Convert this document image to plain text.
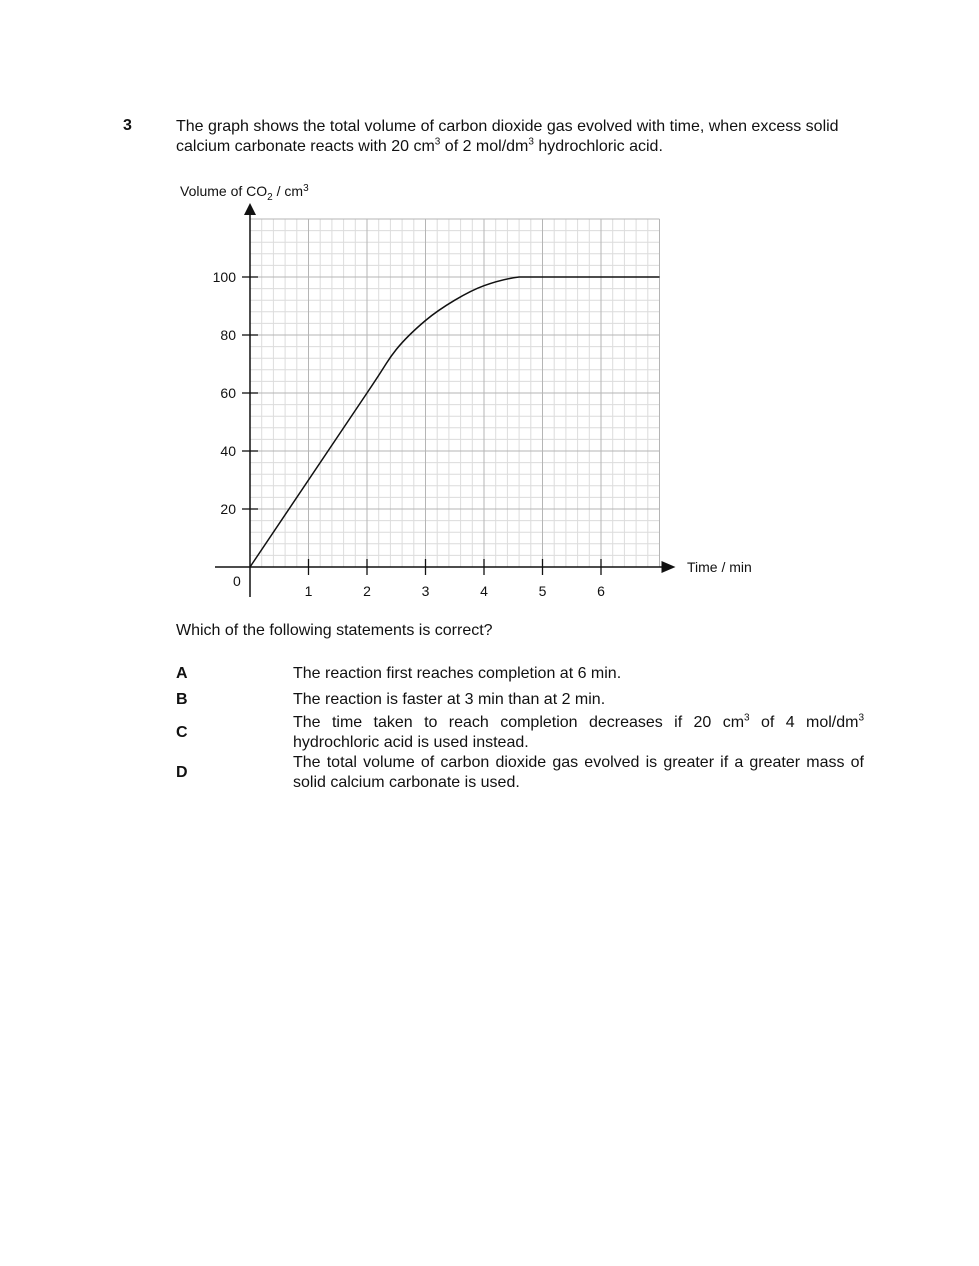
3	The graph shows the total volume of carbon dioxide gas evolved with time, when excess solid calcium carbonate reacts with 20 $cm^3$ of 2 mol/$dm^3$ hydrochloric acid.
1	2	3	4	5	6
20
40
60
80
100
Volume of $CO_2 / cm^3$
Time / min
0
Which of the following statements is correct?
A	The reaction first reaches completion at 6 min.
B	The reaction is faster at 3 min than at 2 min.
C
The time taken to reach completion decreases if 20 $cm^3$ of 4 mol/$dm^3$ hydrochloric acid is used instead.
D
The total volume of carbon dioxide gas evolved is greater if a greater mass of solid calcium carbonate is used.
